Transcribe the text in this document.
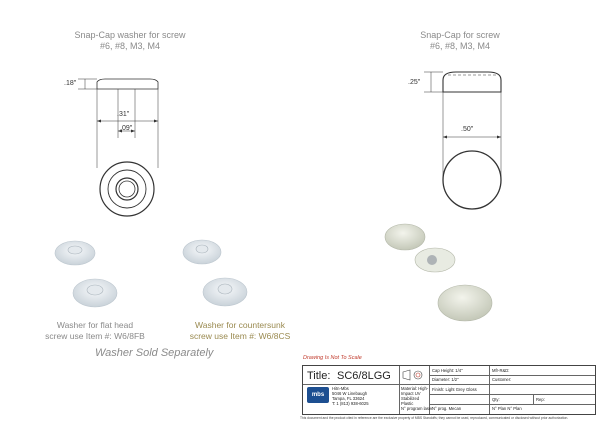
Snap-Cap washer for screw
#6, #8, M3, M4
.18"
.31"
.09"
Snap-Cap for screw
#6, #8, M3, M4
.25"
.50"
Washer for flat head
screw use Item #: W6/8FB
Washer for countersunk
screw use Item #: W6/8CS
Washer Sold Separately	Drawing Is Not To Scale
Title: SC6/8LGG
mbs
Hitn-Mbs
5046 W Linebaugh
Tampa, FL 33624
T: 1 (813) 938-6025
Material: High-Impact UV Stabilized Plastic
N° program laser
Cap Height: 1/4"
Diameter: 1/2"
Finish: Light Grey Gloss
N° prog. Mecan
Mfr-R&D:
Customer:
Qty:	Rep:
N° Plan N° Plan
This document and the product cited in reference are the exclusive property of MBS Standoffs; they cannot be used, reproduced, communicated or disclosed without prior authorization.
